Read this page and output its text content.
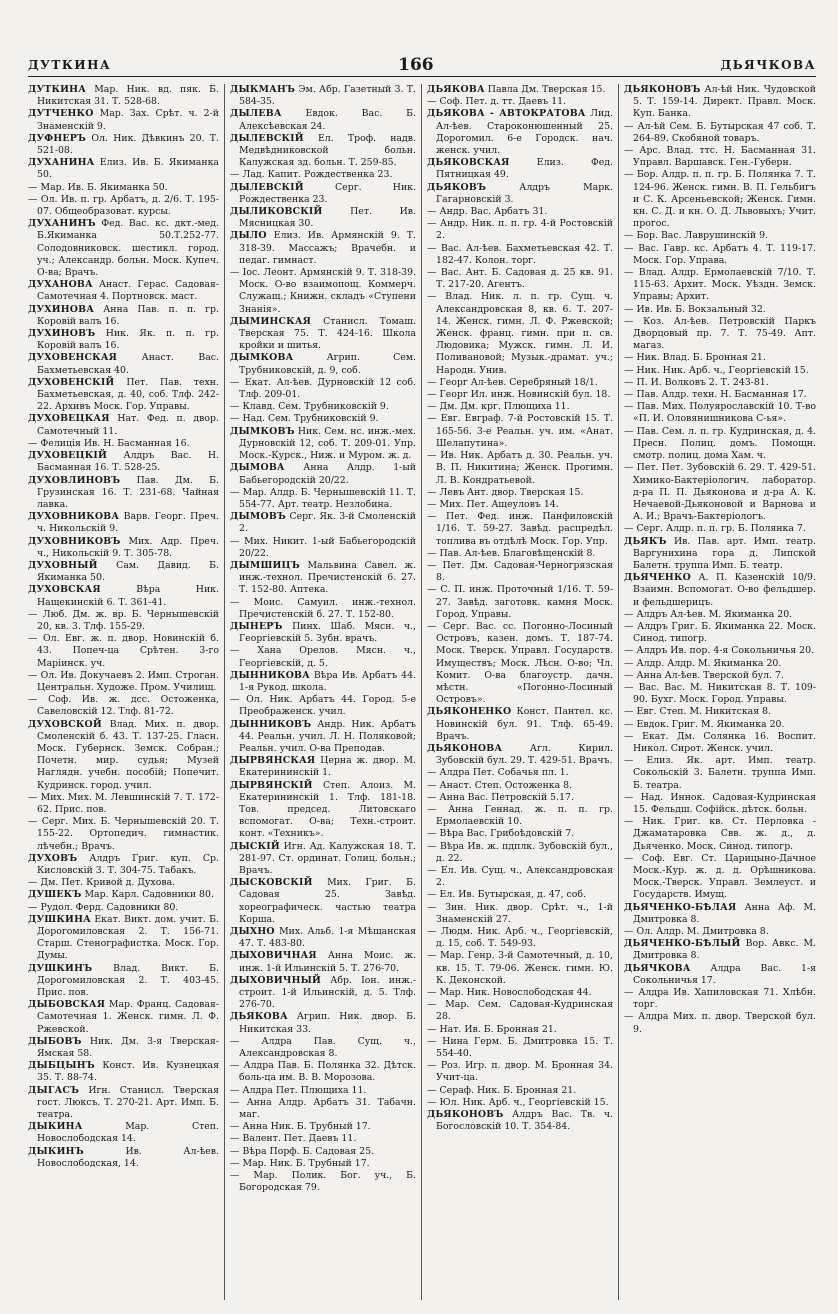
ДУТКИНА	166	ДЬЯЧКОВА

ДУТКИНА Мар. Ник. вд. пяк. Б. Никитская 31. Т. 528-68.

ДУТЧЕНКО Мар. Зах. Срѣт. ч. 2-й Знаменскій 9.

ДУФНЕРЪ Ол. Ник. Дѣвкинъ 20. Т. 521-08.

ДУХАНИНА Елиз. Ив. Б. Якиманка 50.

— Мар. Ив. Б. Якиманка 50.

— Ол. Ив. п. гр. Арбатъ, д. 2/6. Т. 195-07. Общеобразоват. курсы.

ДУХАНИНЪ Фед. Вас. кс. дкт.-мед. Б.Якиманка 50.Т.252-77. Солодовниковск. шестикл. город. уч.; Александр. больн. Моск. Купеч. О-ва; Врачъ.

ДУХАНОВА Анаст. Герас. Садовая-Самотечная 4. Портновск. маст.

ДУХИНОВА Анна Пав. п. п. гр. Коровій валъ 16.

ДУХИНОВЪ Ник. Як. п. п. гр. Коровій валъ 16.

ДУХОВЕНСКАЯ	Анаст. Вас. Бахметьевская 40.

ДУХОВЕНСКІЙ Пет. Пав. техн. Бахметьевская, д. 40, соб. Тлф. 242-22. Архивъ Моск. Гор. Управы.

ДУХОВЕЦКАЯ Нат. Фед. п. двор. Самотечный 11.

— Фелиція Ив. Н. Басманная 16.

ДУХОВЕЦКІЙ Алдръ Вас. Н. Басманная 16. Т. 528-25.

ДУХОВЛИНОВЪ Пав. Дм. Б. Грузинская 16. Т. 231-68. Чайная лавка.

ДУХОВНИКОВА Варв. Георг. Преч. ч. Никольскій 9.

ДУХОВНИКОВЪ Мих. Адр. Преч. ч., Никольскій 9. Т. 305-78.

ДУХОВНЫЙ Сам. Давид. Б. Якиманка 50.

ДУХОВСКАЯ	Вѣра Ник. Нащекинскій 6. Т. 361-41.

— Люб. Дм. ж. вр. Б. Чернышевскій 20, кв. 3. Тлф. 155-29.

— Ол. Евг. ж. п. двор. Новинскій б. 43. Попеч-ца Срѣтен. 3-го Маріинск. уч.

— Ол. Ив. Докучаевъ 2. Имп. Строган. Центральн. Художе. Пром. Училищ.

— Соф. Ив. ж. дсс. Остоженка, Савеловскій 12. Тлф. 81-72.

ДУХОВСКОЙ Влад. Мих. п. двор. Смоленскій б. 43. Т. 137-25. Гласн. Моск. Губернск. Земск. Собран.; Почетн. мир. судья; Музей Наглядн. учебн. пособій; Попечит. Кудринск. город. учил.

— Мих. Мих. М. Левшинскій 7. Т. 172-62. Прис. пов.

— Серг. Мих. Б. Чернышевскій 20. Т. 155-22. Ортопедич. гимнастик. лѣчебн.; Врачъ.

ДУХОВЪ Алдръ Григ. куп. Ср. Кисловскій 3. Т. 304-75. Табакъ.

— Дм. Пет. Кривой д. Духова.

ДУШЕКЪ Мар. Карл. Садовники 80.

— Рудол. Ферд. Садовники 80.

ДУШКИНА Екат. Викт. дом. учит. Б. Дорогомиловская 2. Т. 156-71. Старш. Стенографистка. Моск. Гор. Думы.

ДУШКИНЪ Влад. Викт. Б. Дорогомиловская 2. Т. 403-45. Прис. пов.

ДЫБОВСКАЯ Мар. Франц. Садовая-Самотечная 1. Женск. гимн. Л. Ф. Ржевской.

ДЫБОВЪ Ник. Дм. 3-я Тверская-Ямская 58.

ДЫБЦЫНЪ Конст. Ив. Кузнецкая 35. Т. 88-74.

ДЫГАСЪ Игн. Станисл. Тверская гост. Люксъ. Т. 270-21. Арт. Имп. Б. театра.

ДЫКИНА	Мар. Степ. Новослободская 14.

ДЫКИНЪ	Ив. Ал-ѣев. Новослободская, 14.

ДЫКМАНЪ Эм. Абр. Газетный 3. Т. 584-35.

ДЫЛЕВА	Евдок. Вас. Б. Алексѣевская 24.

ДЫЛЕВСКІЙ Ел. Троф. надв. Медвѣдниковской больн. Калужская зд. больн. Т. 259-85.

— Лад. Капит. Рождественка 23.

ДЫЛЕВСКІЙ	Серг. Ник. Рождественка 23.

ДЫЛИКОВСКІЙ	Пет. Ив. Мясницкая 30.

ДЫЛО Елиз. Ив. Армянскій 9. Т. 318-39. Массажъ; Врачебн. и педаг. гимнаст.

— Іос. Леонт. Армянскій 9. Т. 318-39. Моск. О-во взаимопощ. Коммерч. Служащ.; Книжн. складъ «Ступени Знанія».

ДЫМИНСКАЯ Станисл. Томаш. Тверская 75. Т. 424-16. Школа кройки и шитья.

ДЫМКОВА	Агрип. Сем. Трубниковскій, д. 9, соб.

— Екат. Ал-ѣев. Дурновскій 12 соб. Тлф. 209-01.

— Клавд. Сем. Трубниковскій 9.

— Над. Сем. Трубниковскій 9.

ДЫМКОВЪ Ник. Сем. нс. инж.-мех. Дурновскій 12, соб. Т. 209-01. Упр. Моск.-Курск., Ниж. и Муром. ж. д.

ДЫМОВА Анна Алдр. 1-ый Бабьегородскій 20/22.

— Мар. Алдр. Б. Чернышевскій 11. Т. 554-77. Арт. театр. Незлобина.

ДЫМОВЪ Серг. Як. 3-й Смоленскій 2.

— Мих. Никит. 1-ый Бабьегородскій 20/22.

ДЫМШИЦЪ Мальвина Савел. ж. инж.-технол. Пречистенскій 6. 27. Т. 152-80. Аптека.

— Моис. Самуил. инж.-технол. Пречистенскій б. 27. Т. 152-80.

ДЫНЕРЪ Пинх. Шаб. Мясн. ч., Георгіевскій 5. Зубн. врачъ.

— Хана Орелов. Мясн. ч., Георгіевскій, д. 5.

ДЫННИКОВА Вѣра Ив. Арбатъ 44. 1-я Рукод. школа.

— Ол. Ник. Арбатъ 44. Город. 5-е Преображенск. учил.

ДЫННИКОВЪ Андр. Ник. Арбатъ 44. Реальн. учил. Л. Н. Поляковой; Реальн. учил. О-ва Преподав.

ДЫРВЯНСКАЯ Церна ж. двор. М. Екатерининскій 1.

ДЫРВЯНСКІЙ Степ. Алоиз. М. Екатерининскій 1. Тлф. 181-18. Тов. председ. Литовскаго вспомогат. О-ва; Техн.-строит. конт. «Техникъ».

ДЫСКІЙ Игн. Ад. Калужская 18. Т. 281-97. Ст. ординат. Голиц. больн.; Врачъ.

ДЫСКОВСКІЙ Мих. Григ. Б. Садовая 25. Завѣд. хореографическ. частью театра Корша.

ДЫХНО Мих. Альб. 1-я Мѣщанская 47. Т. 483-80.

ДЫХОВИЧНАЯ Анна Моис. ж. инж. 1-й Ильинскій 5. Т. 276-70.

ДЫХОВИЧНЫЙ Абр. Іон. инж.-строит. 1-й Ильинскій, д. 5. Тлф. 276-70.

ДЬЯКОВА Агрип. Ник. двор. Б. Никитская 33.

— Алдра Пав. Сущ. ч., Александровская 8.

— Алдра Пав. Б. Полянка 32. Дѣтск. боль-ца им. В. В. Морозова.

— Алдра Пет. Плющиха 11.

— Анна Алдр. Арбатъ 31. Табачн. маг.

— Анна Ник. Б. Трубный 17.

— Валент. Пет. Даевъ 11.

— Вѣра Порф. Б. Садовая 25.

— Мар. Ник. Б. Трубный 17.

— Мар. Полик. Бог. уч., Б. Богородская 79.

ДЬЯКОВА Павла Дм. Тверская 15.

— Соф. Пет. д. тт. Даевъ 11.

ДЬЯКОВА - АВТОКРАТОВА Лид. Ал-ѣев. Староконюшенный 25. Дорогомил. 6-е Городск. нач. женск. учил.

ДЬЯКОВСКАЯ	Елиз. Фед. Пятницкая 49.

ДЬЯКОВЪ	Алдръ Марк. Гагарновскій 3.

— Андр. Вас. Арбатъ 31.

— Андр. Ник. п. п. гр. 4-й Ростовскій 2.

— Вас. Ал-ѣев. Бахметьевская 42. Т. 182-47. Колон. торг.

— Вас. Ант. Б. Садовая д. 25 кв. 91. Т. 217-20. Агентъ.

— Влад. Ник. л. п. гр. Сущ. ч. Александровская 8, кв. 6. Т. 207-14. Женск. гимн. Л. Ф. Ржевской; Женск. франц. гимн. при п. св. Людовика; Мужск. гимн. Л. И. Поливановой; Музык.-драмат. уч.; Народн. Унив.

— Георг Ал-ѣев. Серебряный 18/1.

— Георг Ил. инж. Новинскій бул. 18.

— Дм. Дм. крг. Плющиха 11.

— Евг. Евграф. 7-й Ростовскій 15. Т. 165-56. 3-е Реальн. уч. им. «Анат. Шелапутина».

— Ив. Ник. Арбатъ д. 30. Реальн. уч. В. П. Никитина; Женск. Прогимн. Л. В. Кондратьевой.

— Левъ Ант. двор. Тверская 15.

— Мих. Пет. Ащеуловъ 14.

— Пет. Фед. инж. Панфиловскій 1/16. Т. 59-27. Завѣд. распредѣл. топлива въ отдѣлѣ Моск. Гор. Упр.

— Пав. Ал-ѣев. Благовѣщенскій 8.

— Пет. Дм. Садовая-Черногрязская 8.

— С. П. инж. Проточный 1/16. Т. 59-27. Завѣд. заготовк. камня Моск. Город. Управы.

— Серг. Вас. сс. Погонно-Лосиный Островъ, казен. домъ. Т. 187-74. Моск. Тверск. Управл. Государств. Имуществъ; Моск. Лѣсн. О-во; Чл. Комит. О-ва благоустр. дачн. мѣстн. «Погонно-Лосиный Островъ».

ДЬЯКОНЕНКО Конст. Пантел. кс. Новинскій бул. 91. Тлф. 65-49. Врачъ.

ДЬЯКОНОВА	Агл. Кирил. Зубовскій бул. 29. Т. 429-51. Врачъ.

— Алдра Пет. Собачья пл. 1.

— Анаст. Степ. Остоженка 8.

— Анна Вас. Петровскій 5.17.

— Анна Геннад. ж. п. п. гр. Ермолаевскій 10.

— Вѣра Вас. Грибоѣдовскій 7.

— Вѣра Ив. ж. пдплк. Зубовскій бул., д. 22.

— Ел. Ив. Сущ. ч., Александровская 2.

— Ел. Ив. Бутырская, д. 47, соб.

— Зин. Ник. двор. Срѣт. ч., 1-й Знаменскій 27.

— Людм. Ник. Арб. ч., Георгіевскій, д. 15, соб. Т. 549-93.

— Мар. Генр. 3-й Самотечный, д. 10, кв. 15. Т. 79-06. Женск. гимн. Ю. К. Деконской.

— Мар. Ник. Новослободская 44.

— Мар. Сем. Садовая-Кудринская 28.

— Нат. Ив. Б. Бронная 21.

— Нина Герм. Б. Дмитровка 15. Т. 554-40.

— Роз. Игр. п. двор. М. Бронная 34. Учит-ца.

— Сераф. Ник. Б. Бронная 21.

— Юл. Ник. Арб. ч., Георгіевскій 15.

ДЬЯКОНОВЪ Алдръ Вас. Тв. ч. Богословскій 10. Т. 354-84.

ДЬЯКОНОВЪ Ал-ѣй Ник. Чудовской 5. Т. 159-14. Директ. Правл. Моск. Куп. Банка.

— Ал-ѣй Сем. Б. Бутырская 47 соб. Т. 264-89. Скобяной товаръ.

— Арс. Влад. ттс. Н. Басманная 31. Управл. Варшавск. Ген.-Губерн.

— Бор. Алдр. п. п. гр. Б. Полянка 7. Т. 124-96. Женск. гимн. В. П. Гельбигъ и С. К. Арсеньевской; Женск. Гимн. кн. С. Д. и кн. О. Д. Львовыхъ; Учит. прогос.

— Бор. Вас. Лаврушинскій 9.

— Вас. Гавр. кс. Арбатъ 4. Т. 119-17. Моск. Гор. Управа.

— Влад. Алдр. Ермолаевскій 7/10. Т. 115-63. Архит. Моск. Уѣздн. Земск. Управы; Архит.

— Ив. Ив. Б. Вокзальный 32.

— Коз. Ал-ѣев. Петровскій Паркъ Дворцовый пр. 7. Т. 75-49. Апт. магаз.

— Ник. Влад. Б. Бронная 21.

— Ник. Ник. Арб. ч., Георгіевскій 15.

— П. И. Волковъ 2. Т. 243-81.

— Пав. Алдр. техн. Н. Басманная 17.

— Пав. Мих. Полуярославскій 10. Т-во «П. И. Оловянишникова С-ья».

— Пав. Сем. л. п. гр. Кудринская, д. 4. Пресн. Полиц. домъ. Помощн. смотр. полиц. дома Хам. ч.

— Пет. Пет. Зубовскій 6. 29. Т. 429-51. Химико-Бактеріологич. лаборатор. д-ра П. П. Дьяконова и д-ра А. К. Нечаевой-Дьяконовой и Варнова и А. И.; Врачъ-Бактеріологъ.

— Серг. Алдр. п. п. гр. Б. Полянка 7.

ДЬЯКЪ Ив. Пав. арт. Имп. театр. Варгунихина гора д. Липской Балетн. труппа Имп. Б. театр.

ДЬЯЧЕНКО А. П. Казенскій 10/9. Взаимн. Вспомогат. О-во фельдшер. и фельдшерицъ.

— Алдръ Ал-ѣев. М. Якиманка 20.

— Алдръ Григ. Б. Якиманка 22. Моск. Синод. типогр.

— Алдръ Ив. пор. 4-я Сокольничья 20.

— Алдр. Алдр. М. Якиманка 20.

— Анна Ал-ѣев. Тверской бул. 7.

— Вас. Вас. М. Никитская 8. Т. 109-90. Бухг. Моск. Город. Управы.

— Евг. Степ. М. Никитская 8.

— Евдок. Григ. М. Якиманка 20.

— Екат. Дм. Солянка 16. Воспит. Никол. Сирот. Женск. учил.

— Елиз. Як. арт. Имп. театр. Сокольскій 3. Балетн. труппа Имп. Б. театра.

— Над. Иннок. Садовая-Кудринская 15. Фельдш. Софійск. дѣтск. больн.

— Ник. Григ. кв. Ст. Перловка - Джаматаровка Свв. ж. д., д. Дьяченко. Моск. Синод. типогр.

— Соф. Евг. Ст. Царицыно-Дачное Моск.-Кур. ж. д. д. Орѣшникова. Моск.-Тверск. Управл. Землеуст. и Государств. Имущ.

ДЬЯЧЕНКО-БѢЛАЯ Анна Аф. М. Дмитровка 8.

— Ол. Алдр. М. Дмитровка 8.

ДЬЯЧЕНКО-БѢЛЫЙ Вор. Авкс. М. Дмитровка 8.

ДЬЯЧКОВА Алдра Вас. 1-я Сокольничья 17.

— Алдра Ив. Хапиловская 71. Хлѣбн. торг.

— Алдра Мих. п. двор. Тверской бул. 9.
